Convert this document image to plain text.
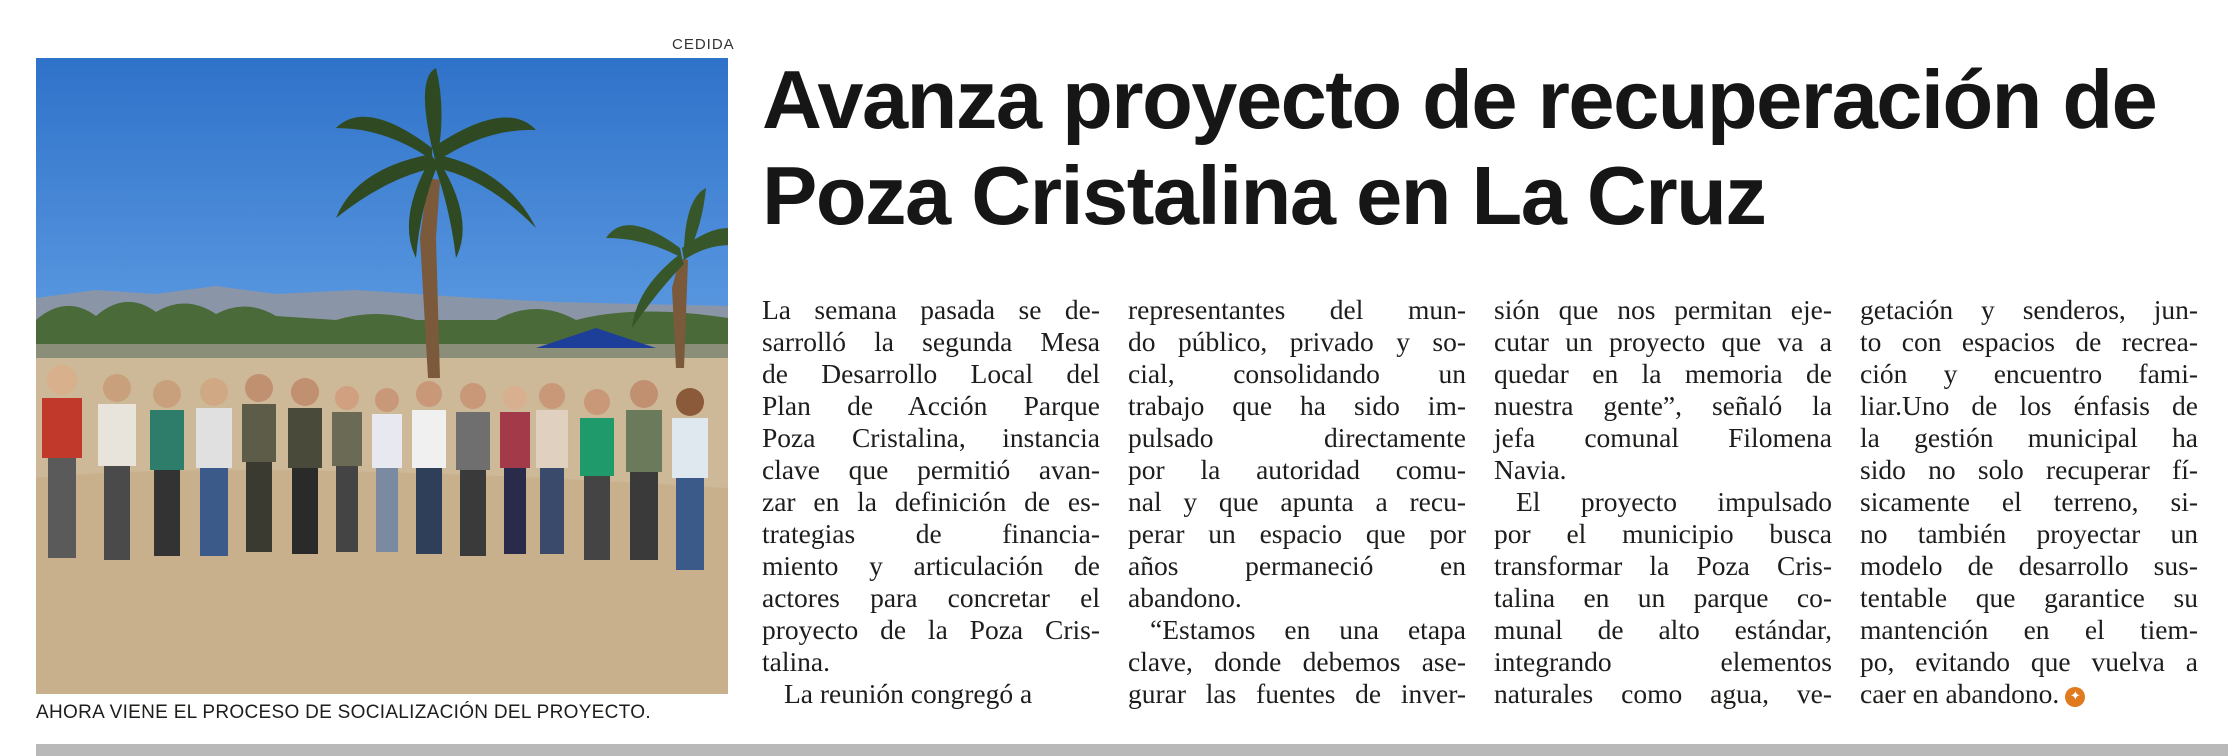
CEDIDA
AHORA VIENE EL PROCESO DE SOCIALIZACIÓN DEL PROYECTO.
Avanza proyecto de recuperación de Poza Cristalina en La Cruz
La semana pasada se de-
sarrolló la segunda Mesa
de Desarrollo Local del
Plan de Acción Parque
Poza Cristalina, instancia
clave que permitió avan-
zar en la definición de es-
trategias de financia-
miento y articulación de
actores para concretar el
proyecto de la Poza Cris-
talina.
La reunión congregó a
representantes del mun-
do público, privado y so-
cial, consolidando un
trabajo que ha sido im-
pulsado directamente
por la autoridad comu-
nal y que apunta a recu-
perar un espacio que por
años permaneció en
abandono.
“Estamos en una etapa
clave, donde debemos ase-
gurar las fuentes de inver-
sión que nos permitan eje-
cutar un proyecto que va a
quedar en la memoria de
nuestra gente”, señaló la
jefa comunal Filomena
Navia.
El proyecto impulsado
por el municipio busca
transformar la Poza Cris-
talina en un parque co-
munal de alto estándar,
integrando elementos
naturales como agua, ve-
getación y senderos, jun-
to con espacios de recrea-
ción y encuentro fami-
liar.Uno de los énfasis de
la gestión municipal ha
sido no solo recuperar fí-
sicamente el terreno, si-
no también proyectar un
modelo de desarrollo sus-
tentable que garantice su
mantención en el tiem-
po, evitando que vuelva a
caer en abandono. ✦
